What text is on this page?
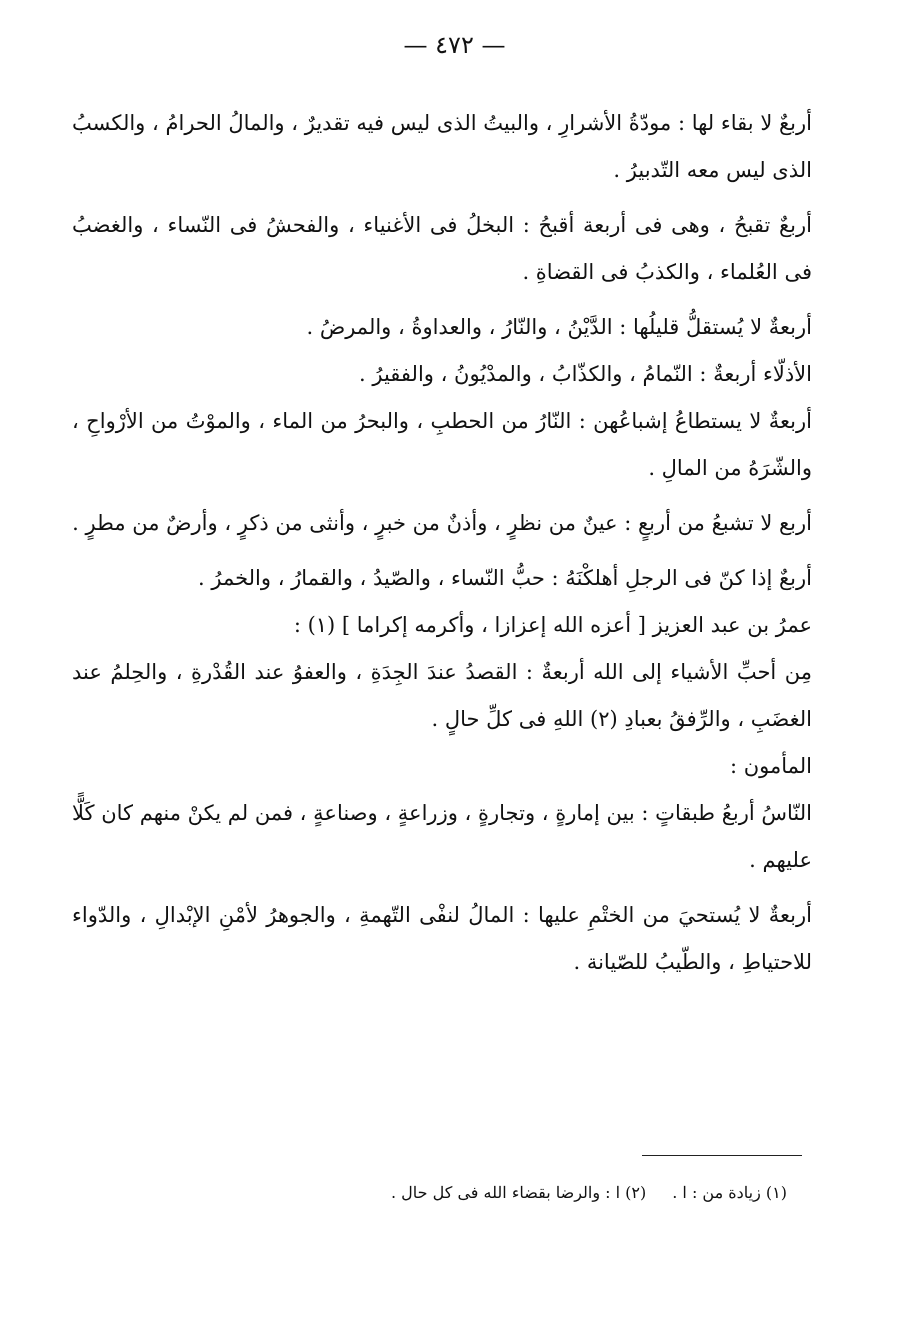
— ٤٧٢ —

أربعٌ لا بقاء لها : مودّةُ الأشرارِ ، والبيتُ الذى ليس فيه تقديرٌ ، والمالُ الحرامُ ، والكسبُ الذى ليس معه التّدبيرُ .

أربعٌ تقبحُ ، وهى فى أربعة أقبحُ : البخلُ فى الأغنياء ، والفحشُ فى النّساء ، والغضبُ فى العُلماء ، والكذبُ فى القضاةِ .

أربعةٌ لا يُستقلُّ قليلُها : الدَّيْنُ ، والنّارُ ، والعداوةُ ، والمرضُ .

الأذلّاء أربعةٌ : النّمامُ ، والكذّابُ ، والمدْيُونُ ، والفقيرُ .

أربعةٌ لا يستطاعُ إشباعُهن : النّارُ من الحطبِ ، والبحرُ من الماء ، والموْتُ من الأرْواحِ ، والشّرَهُ من المالِ .

أربع لا تشبعُ من أربعٍ : عينٌ من نظرٍ ، وأذنٌ من خبرٍ ، وأنثى من ذكرٍ ، وأرضٌ من مطرٍ .

أربعٌ إذا كنّ فى الرجلِ أهلكْنَهُ : حبُّ النّساء ، والصّيدُ ، والقمارُ ، والخمرُ .

عمرُ بن عبد العزيز [ أعزه الله إعزازا ، وأكرمه إكراما ] (١) :

مِن أحبِّ الأشياء إلى الله أربعةٌ : القصدُ عندَ الجِدَةِ ، والعفوُ عند القُدْرةِ ، والحِلمُ عند الغضَبِ ، والرِّفقُ بعبادِ (٢) اللهِ فى كلِّ حالٍ .

المأمون :

النّاسُ أربعُ طبقاتٍ : بين إمارةٍ ، وتجارةٍ ، وزراعةٍ ، وصناعةٍ ، فمن لم يكنْ منهم كان كَلًّا عليهم .

أربعةٌ لا يُستحيَ من الختْمِ عليها : المالُ لنفْى التّهمةِ ، والجوهرُ لأمْنِ الإبْدالِ ، والدّواء للاحتياطِ ، والطّيبُ للصّيانة .

(١) زيادة من : ا .(٢) ا : والرضا بقضاء الله فى كل حال .
